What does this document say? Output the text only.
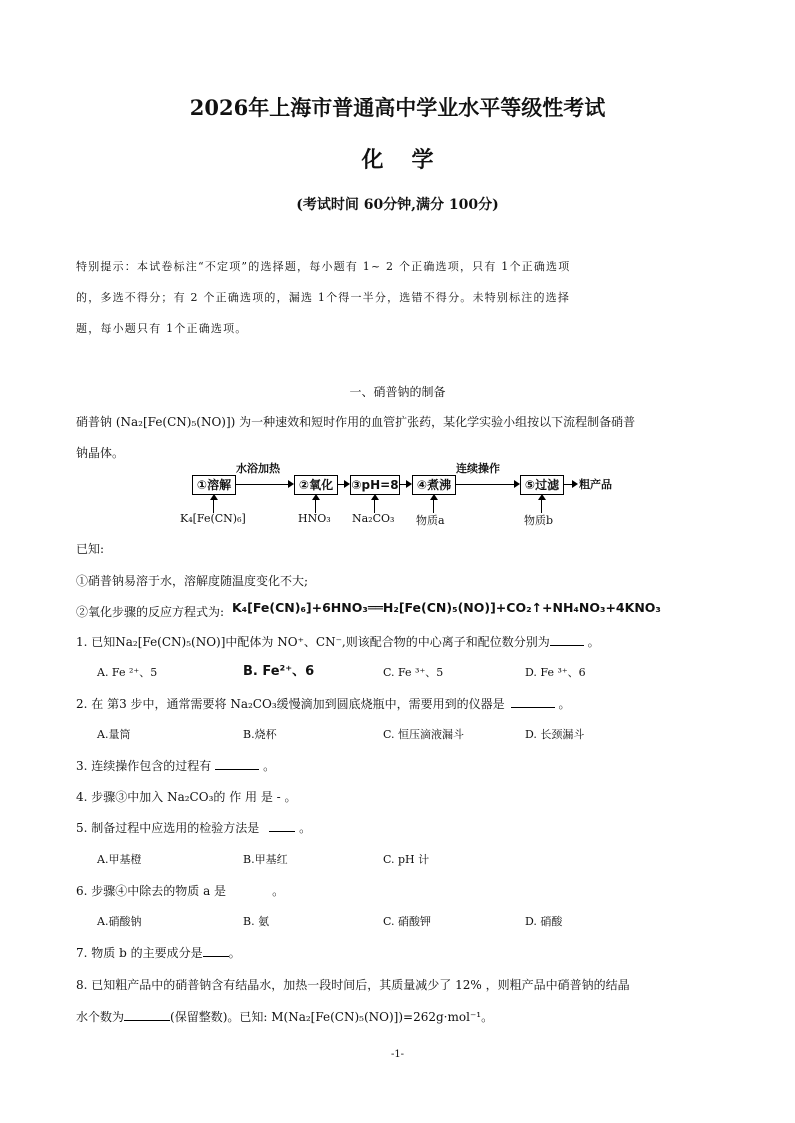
2026年上海市普通高中学业水平等级性考试
化学
(考试时间 60分钟,满分 100分)
特别提示：本试卷标注“不定项”的选择题，每小题有 1~ 2 个正确选项，只有 1个正确选项
的，多选不得分；有 2 个正确选项的，漏选 1个得一半分，选错不得分。未特别标注的选择
题，每小题只有 1个正确选项。
一、硝普钠的制备
硝普钠 (Na₂[Fe(CN)₅(NO)]) 为一种速效和短时作用的血管扩张药，某化学实验小组按以下流程制备硝普
钠晶体。
①溶解
水浴加热
②氧化	③pH=8	④煮沸
连续操作
⑤过滤	粗产品
K₄[Fe(CN)₆]	HNO₃ Na₂CO₃ 物质a	物质b
已知:
①硝普钠易溶于水，溶解度随温度变化不大;
②氧化步骤的反应方程式为: K₄[Fe(CN)₆]+6HNO₃══H₂[Fe(CN)₅(NO)]+CO₂↑+NH₄NO₃+4KNO₃
1. 已知Na₂[Fe(CN)₅(NO)]中配体为 NO⁺、CN⁻,则该配合物的中心离子和配位数分别为	。
A. Fe ²⁺、5	B. Fe²⁺、6	C. Fe ³⁺、5	D. Fe ³⁺、6
2. 在 第3 步中，通常需要将 Na₂CO₃缓慢滴加到圆底烧瓶中，需要用到的仪器是	。
A.量筒	B.烧杯	C. 恒压滴液漏斗	D. 长颈漏斗
3. 连续操作包含的过程有	。
4. 步骤③中加入 Na₂CO₃的 作 用 是 - 。
5. 制备过程中应选用的检验方法是	。
A.甲基橙	B.甲基红	C. pH 计
6. 步骤④中除去的物质 a 是	。
A.硝酸钠	B. 氨	C. 硝酸钾	D. 硝酸
7. 物质 b 的主要成分是 。
8. 已知粗产品中的硝普钠含有结晶水，加热一段时间后，其质量减少了 12% ，则粗产品中硝普钠的结晶
水个数为	(保留整数)。已知: M(Na₂[Fe(CN)₅(NO)])=262g·mol⁻¹。
-1-
